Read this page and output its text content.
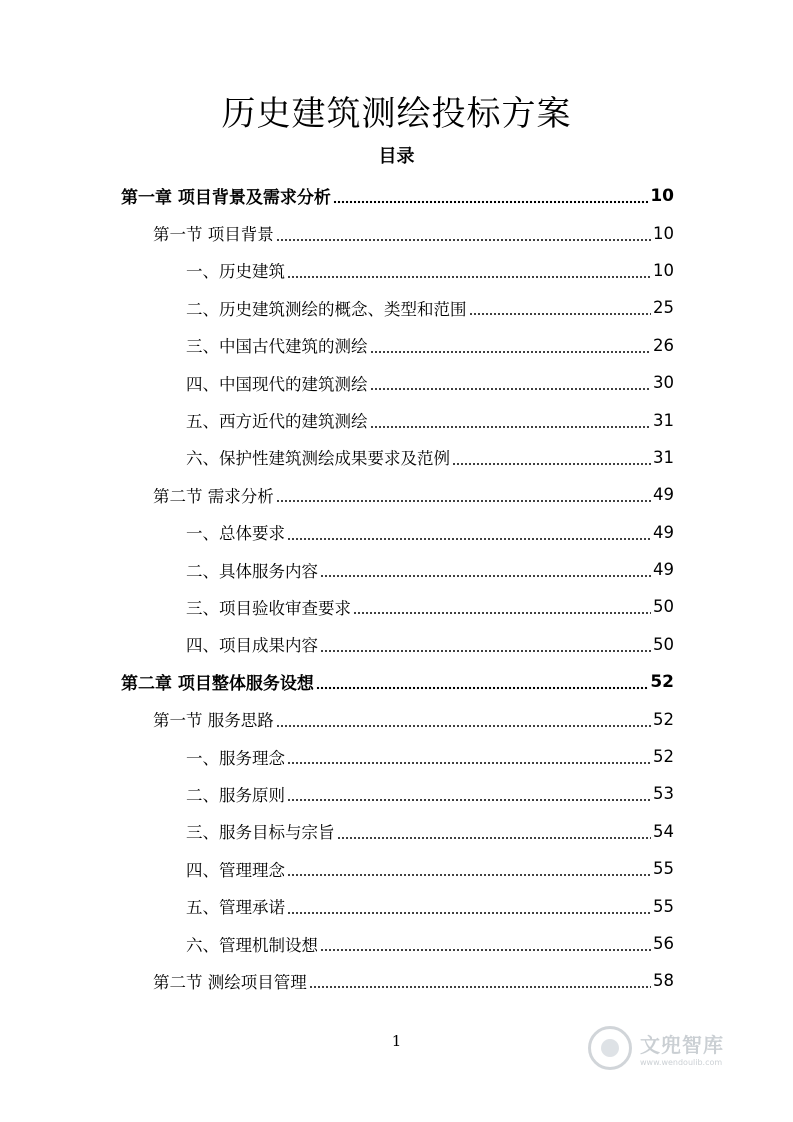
历史建筑测绘投标方案
目录
第一章 项目背景及需求分析	10
第一节 项目背景	10
一、历史建筑	10
二、历史建筑测绘的概念、类型和范围	25
三、中国古代建筑的测绘	26
四、中国现代的建筑测绘	30
五、西方近代的建筑测绘	31
六、保护性建筑测绘成果要求及范例	31
第二节 需求分析	49
一、总体要求	49
二、具体服务内容	49
三、项目验收审查要求	50
四、项目成果内容	50
第二章 项目整体服务设想	52
第一节 服务思路	52
一、服务理念	52
二、服务原则	53
三、服务目标与宗旨	54
四、管理理念	55
五、管理承诺	55
六、管理机制设想	56
第二节 测绘项目管理	58
1	文兜智库
www.wendoulib.com
